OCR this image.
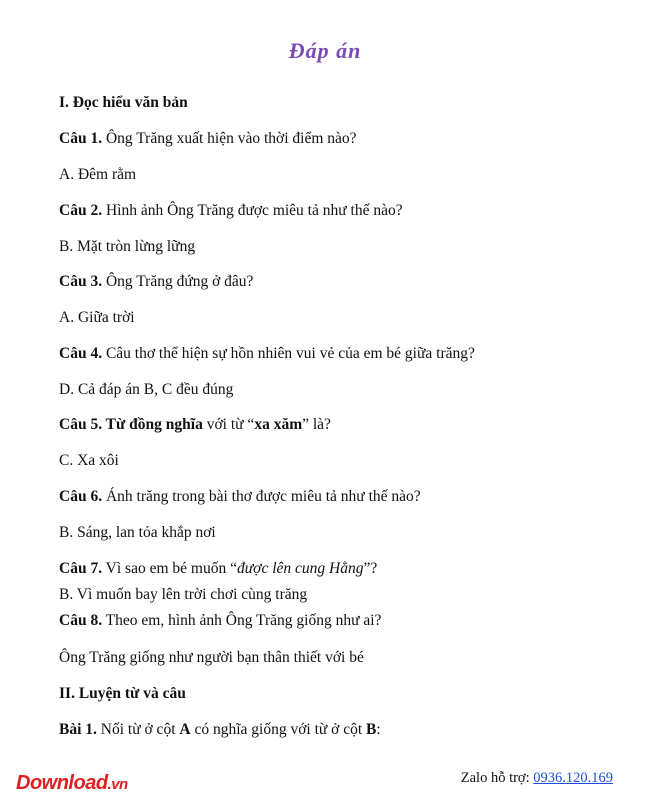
Đáp án
I. Đọc hiểu văn bản
Câu 1. Ông Trăng xuất hiện vào thời điểm nào?
A. Đêm rằm
Câu 2. Hình ảnh Ông Trăng được miêu tả như thế nào?
B. Mặt tròn lừng lững
Câu 3. Ông Trăng đứng ở đâu?
A. Giữa trời
Câu 4. Câu thơ thể hiện sự hồn nhiên vui vẻ của em bé giữa trăng?
D. Cả đáp án B, C đều đúng
Câu 5. Từ đồng nghĩa với từ “xa xăm” là?
C. Xa xôi
Câu 6. Ánh trăng trong bài thơ được miêu tả như thế nào?
B. Sáng, lan tỏa khắp nơi
Câu 7. Vì sao em bé muốn “được lên cung Hằng”?
B. Vì muốn bay lên trời chơi cùng trăng
Câu 8. Theo em, hình ảnh Ông Trăng giống như ai?
Ông Trăng giống như người bạn thân thiết với bé
II. Luyện từ và câu
Bài 1. Nối từ ở cột A có nghĩa giống với từ ở cột B:
Download.vn	Zalo hỗ trợ: 0936.120.169
